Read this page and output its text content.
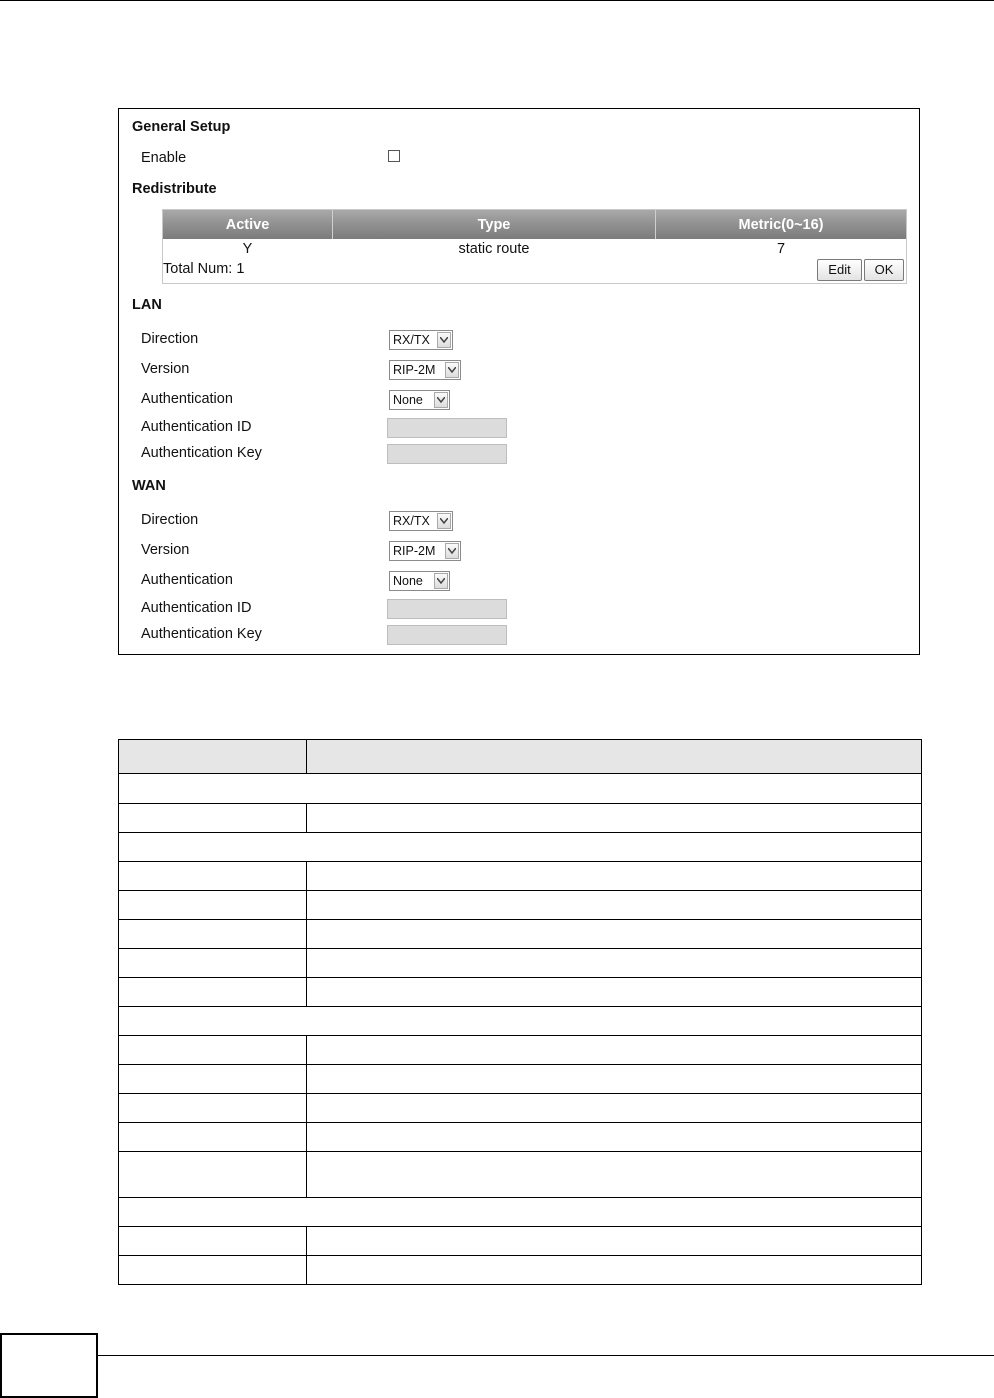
General Setup
Enable
Redistribute
Active	Type	Metric(0~16)
Y	static route	7
Total Num: 1	Edit	OK
LAN
Direction	RX/TX
Version	RIP-2M
Authentication	None
Authentication ID
Authentication Key
WAN
Direction	RX/TX
Version	RIP-2M
Authentication	None
Authentication ID
Authentication Key
